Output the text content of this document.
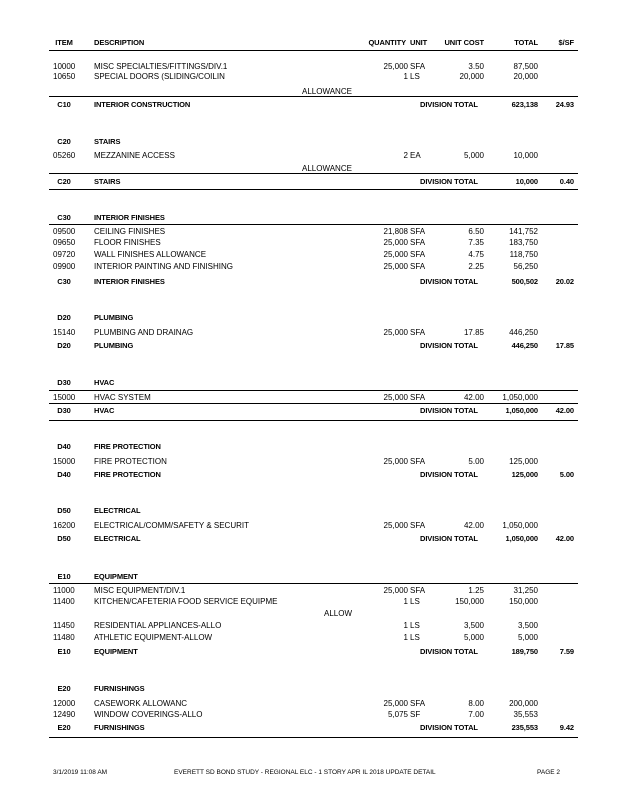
ITEM	DESCRIPTION	QUANTITY UNIT	UNIT COST	TOTAL	$/SF
10000 MISC SPECIALTIES/FITTINGS/DIV.1	25,000 SFA	3.50	87,500
10650 SPECIAL DOORS (SLIDING/COILIN	1 LS	20,000	20,000
ALLOWANCE
C10	INTERIOR CONSTRUCTION	DIVISION TOTAL	623,138	24.93
C20	STAIRS
05260 MEZZANINE ACCESS	2 EA	5,000	10,000
ALLOWANCE
C20	STAIRS	DIVISION TOTAL	10,000	0.40
C30	INTERIOR FINISHES
09500 CEILING FINISHES	21,808 SFA	6.50	141,752
09650 FLOOR FINISHES	25,000 SFA	7.35	183,750
09720 WALL FINISHES ALLOWANCE	25,000 SFA	4.75	118,750
09900 INTERIOR PAINTING AND FINISHING	25,000 SFA	2.25	56,250
C30	INTERIOR FINISHES	DIVISION TOTAL	500,502	20.02
D20	PLUMBING
15140 PLUMBING AND DRAINAG	25,000 SFA	17.85	446,250
D20	PLUMBING	DIVISION TOTAL	446,250	17.85
D30	HVAC
15000 HVAC SYSTEM	25,000 SFA	42.00	1,050,000
D30	HVAC	DIVISION TOTAL	1,050,000	42.00
D40	FIRE PROTECTION
15000 FIRE PROTECTION	25,000 SFA	5.00	125,000
D40	FIRE PROTECTION	DIVISION TOTAL	125,000	5.00
D50	ELECTRICAL
16200 ELECTRICAL/COMM/SAFETY & SECURIT	25,000 SFA	42.00	1,050,000
D50	ELECTRICAL	DIVISION TOTAL	1,050,000	42.00
E10	EQUIPMENT
11000 MISC EQUIPMENT/DIV.1	25,000 SFA	1.25	31,250
11400 KITCHEN/CAFETERIA FOOD SERVICE EQUIPME	1 LS	150,000	150,000
ALLOW
11450 RESIDENTIAL APPLIANCES-ALLO	1 LS	3,500	3,500
11480 ATHLETIC EQUIPMENT-ALLOW	1 LS	5,000	5,000
E10	EQUIPMENT	DIVISION TOTAL	189,750	7.59
E20	FURNISHINGS
12000 CASEWORK ALLOWANC	25,000 SFA	8.00	200,000
12490 WINDOW COVERINGS-ALLO	5,075 SF	7.00	35,553
E20	FURNISHINGS	DIVISION TOTAL	235,553	9.42
3/1/2019 11:08 AM	EVERETT SD BOND STUDY - REGIONAL ELC - 1 STORY APR IL 2018 UPDATE DETAIL	PAGE 2
